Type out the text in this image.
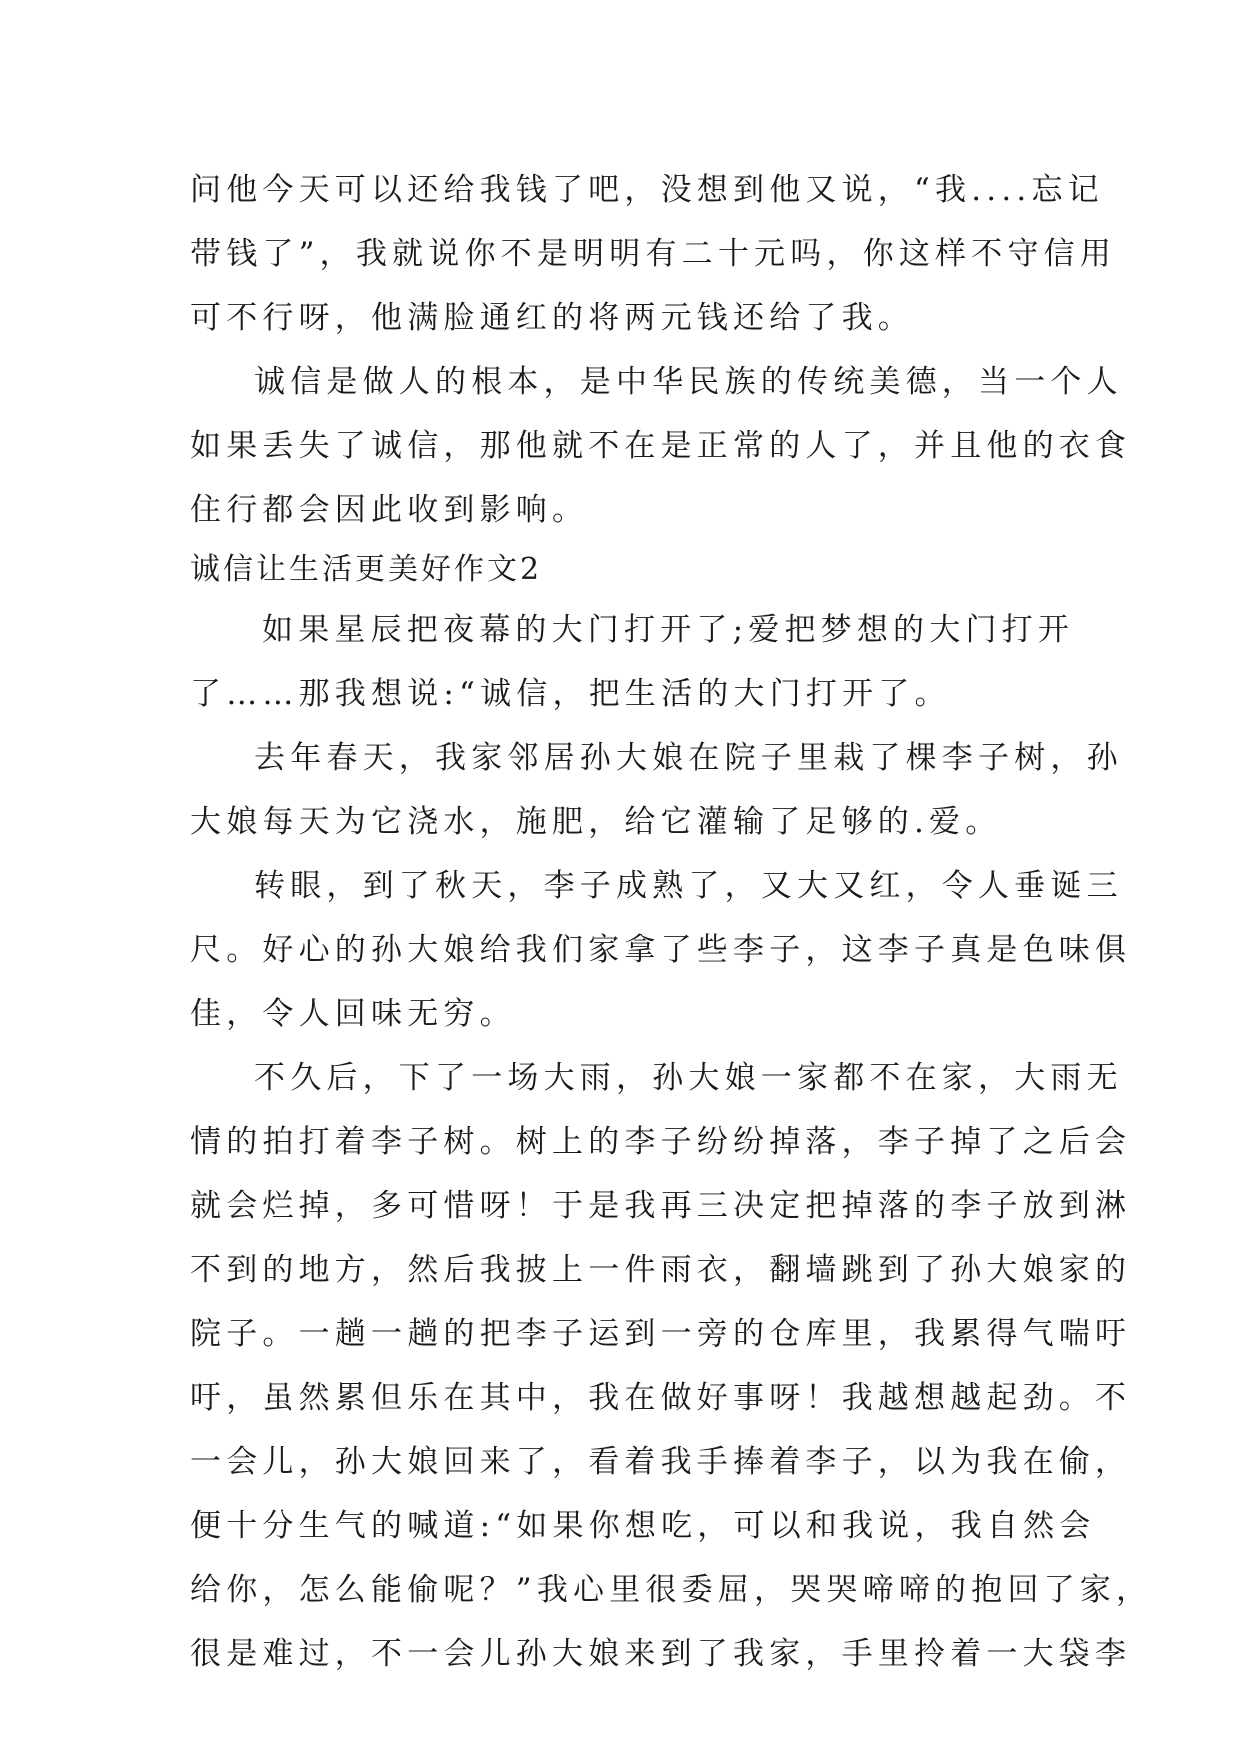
问他今天可以还给我钱了吧，没想到他又说，“我....忘记
带钱了”，我就说你不是明明有二十元吗，你这样不守信用
可不行呀，他满脸通红的将两元钱还给了我。
诚信是做人的根本，是中华民族的传统美德，当一个人
如果丢失了诚信，那他就不在是正常的人了，并且他的衣食
住行都会因此收到影响。
诚信让生活更美好作文2
如果星辰把夜幕的大门打开了;爱把梦想的大门打开
了……那我想说:“诚信，把生活的大门打开了。
去年春天，我家邻居孙大娘在院子里栽了棵李子树，孙
大娘每天为它浇水，施肥，给它灌输了足够的.爱。
转眼，到了秋天，李子成熟了，又大又红，令人垂诞三
尺。好心的孙大娘给我们家拿了些李子，这李子真是色味俱
佳，令人回味无穷。
不久后，下了一场大雨，孙大娘一家都不在家，大雨无
情的拍打着李子树。树上的李子纷纷掉落，李子掉了之后会
就会烂掉，多可惜呀！于是我再三决定把掉落的李子放到淋
不到的地方，然后我披上一件雨衣，翻墙跳到了孙大娘家的
院子。一趟一趟的把李子运到一旁的仓库里，我累得气喘吁
吁，虽然累但乐在其中，我在做好事呀！我越想越起劲。不
一会儿，孙大娘回来了，看着我手捧着李子，以为我在偷，
便十分生气的喊道:“如果你想吃，可以和我说，我自然会
给你，怎么能偷呢？”我心里很委屈，哭哭啼啼的抱回了家，
很是难过，不一会儿孙大娘来到了我家，手里拎着一大袋李
